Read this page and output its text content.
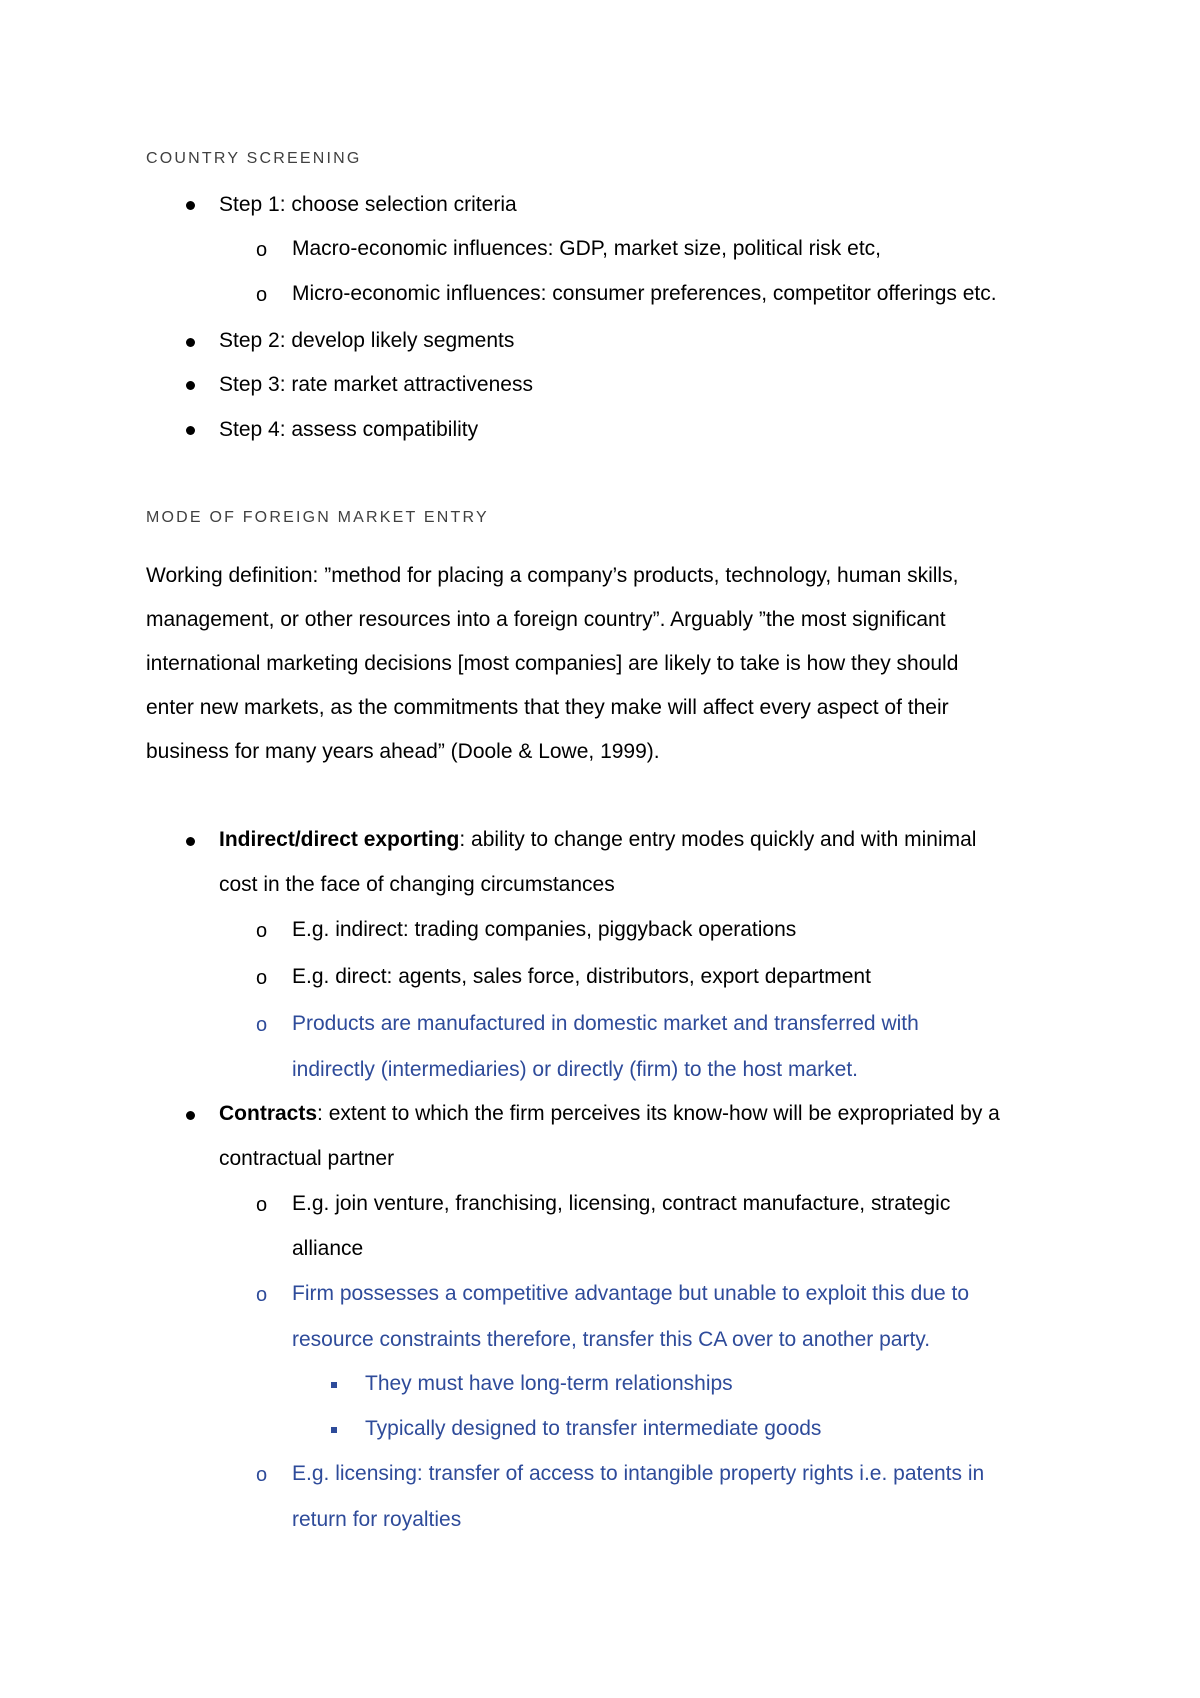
COUNTRY SCREENING
Step 1: choose selection criteria
o Macro-economic influences: GDP, market size, political risk etc,
o Micro-economic influences: consumer preferences, competitor offerings etc.
Step 2: develop likely segments
Step 3: rate market attractiveness
Step 4: assess compatibility
MODE OF FOREIGN MARKET ENTRY
Working definition: ”method for placing a company’s products, technology, human skills,
management, or other resources into a foreign country”. Arguably ”the most significant
international marketing decisions [most companies] are likely to take is how they should
enter new markets, as the commitments that they make will affect every aspect of their
business for many years ahead” (Doole & Lowe, 1999).
Indirect/direct exporting: ability to change entry modes quickly and with minimal
cost in the face of changing circumstances
o E.g. indirect: trading companies, piggyback operations
o E.g. direct: agents, sales force, distributors, export department
o Products are manufactured in domestic market and transferred with
indirectly (intermediaries) or directly (firm) to the host market.
Contracts: extent to which the firm perceives its know-how will be expropriated by a
contractual partner
o E.g. join venture, franchising, licensing, contract manufacture, strategic
alliance
o Firm possesses a competitive advantage but unable to exploit this due to
resource constraints therefore, transfer this CA over to another party.
They must have long-term relationships
Typically designed to transfer intermediate goods
o E.g. licensing: transfer of access to intangible property rights i.e. patents in
return for royalties
